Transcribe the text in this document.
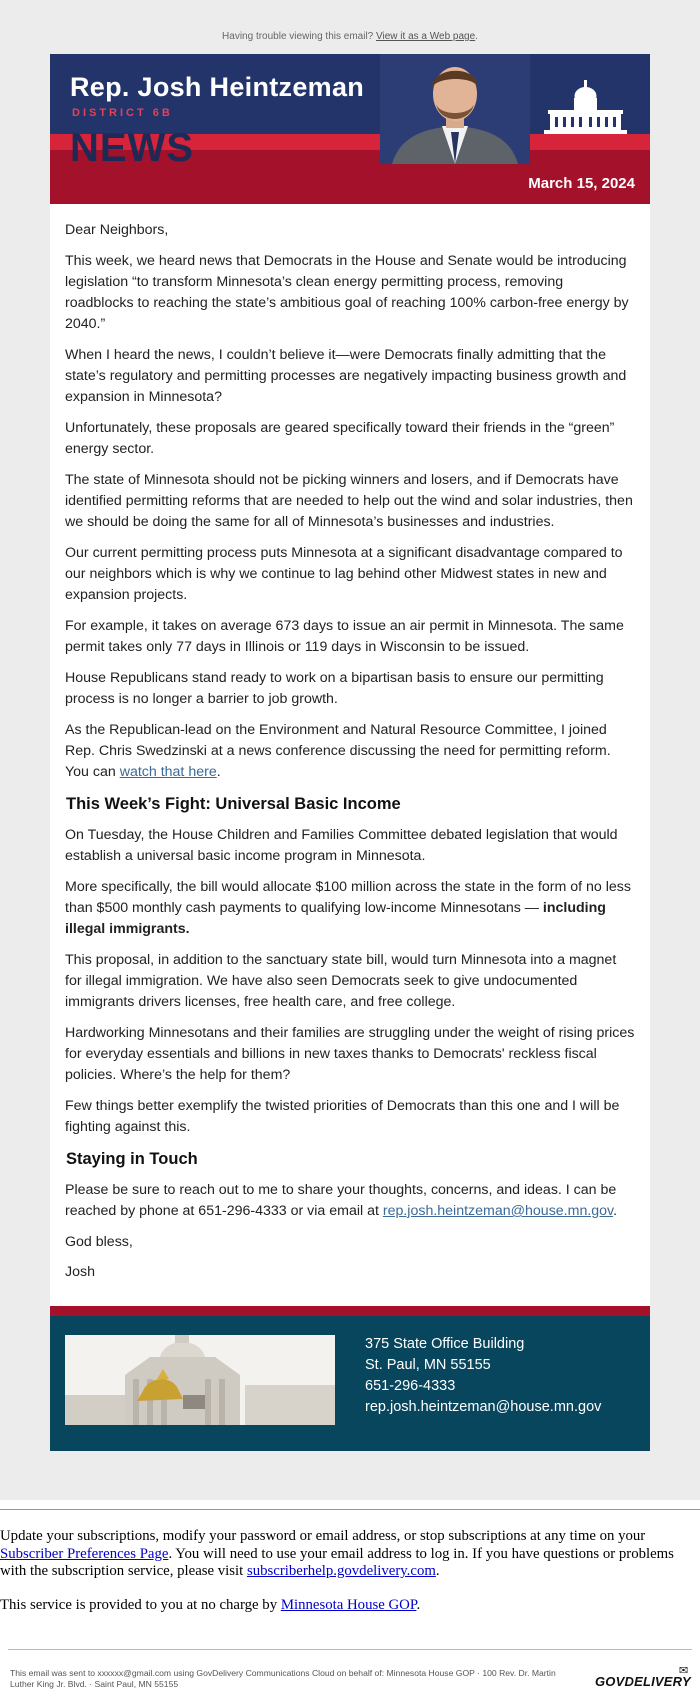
Having trouble viewing this email? View it as a Web page.
Rep. Josh Heintzeman
DISTRICT 6B
NEWS
March 15, 2024

Dear Neighbors,

This week, we heard news that Democrats in the House and Senate would be introducing legislation “to transform Minnesota’s clean energy permitting process, removing roadblocks to reaching the state’s ambitious goal of reaching 100% carbon-free energy by 2040.”

When I heard the news, I couldn’t believe it—were Democrats finally admitting that the state’s regulatory and permitting processes are negatively impacting business growth and expansion in Minnesota?

Unfortunately, these proposals are geared specifically toward their friends in the “green” energy sector.

The state of Minnesota should not be picking winners and losers, and if Democrats have identified permitting reforms that are needed to help out the wind and solar industries, then we should be doing the same for all of Minnesota’s businesses and industries.

Our current permitting process puts Minnesota at a significant disadvantage compared to our neighbors which is why we continue to lag behind other Midwest states in new and expansion projects.

For example, it takes on average 673 days to issue an air permit in Minnesota. The same permit takes only 77 days in Illinois or 119 days in Wisconsin to be issued.

House Republicans stand ready to work on a bipartisan basis to ensure our permitting process is no longer a barrier to job growth.

As the Republican-lead on the Environment and Natural Resource Committee, I joined Rep. Chris Swedzinski at a news conference discussing the need for permitting reform. You can watch that here.

This Week’s Fight: Universal Basic Income

On Tuesday, the House Children and Families Committee debated legislation that would establish a universal basic income program in Minnesota.

More specifically, the bill would allocate $100 million across the state in the form of no less than $500 monthly cash payments to qualifying low-income Minnesotans — including illegal immigrants.

This proposal, in addition to the sanctuary state bill, would turn Minnesota into a magnet for illegal immigration. We have also seen Democrats seek to give undocumented immigrants drivers licenses, free health care, and free college.

Hardworking Minnesotans and their families are struggling under the weight of rising prices for everyday essentials and billions in new taxes thanks to Democrats' reckless fiscal policies. Where’s the help for them?

Few things better exemplify the twisted priorities of Democrats than this one and I will be fighting against this.

Staying in Touch

Please be sure to reach out to me to share your thoughts, concerns, and ideas. I can be reached by phone at 651-296-4333 or via email at rep.josh.heintzeman@house.mn.gov.

God bless,

Josh

375 State Office Building
St. Paul, MN 55155
651-296-4333
rep.josh.heintzeman@house.mn.gov

Update your subscriptions, modify your password or email address, or stop subscriptions at any time on your Subscriber Preferences Page. You will need to use your email address to log in. If you have questions or problems with the subscription service, please visit subscriberhelp.govdelivery.com.

This service is provided to you at no charge by Minnesota House GOP.

This email was sent to xxxxxx@gmail.com using GovDelivery Communications Cloud on behalf of: Minnesota House GOP · 100 Rev. Dr. Martin Luther King Jr. Blvd. · Saint Paul, MN 55155	GOVDELIVERY
✉
